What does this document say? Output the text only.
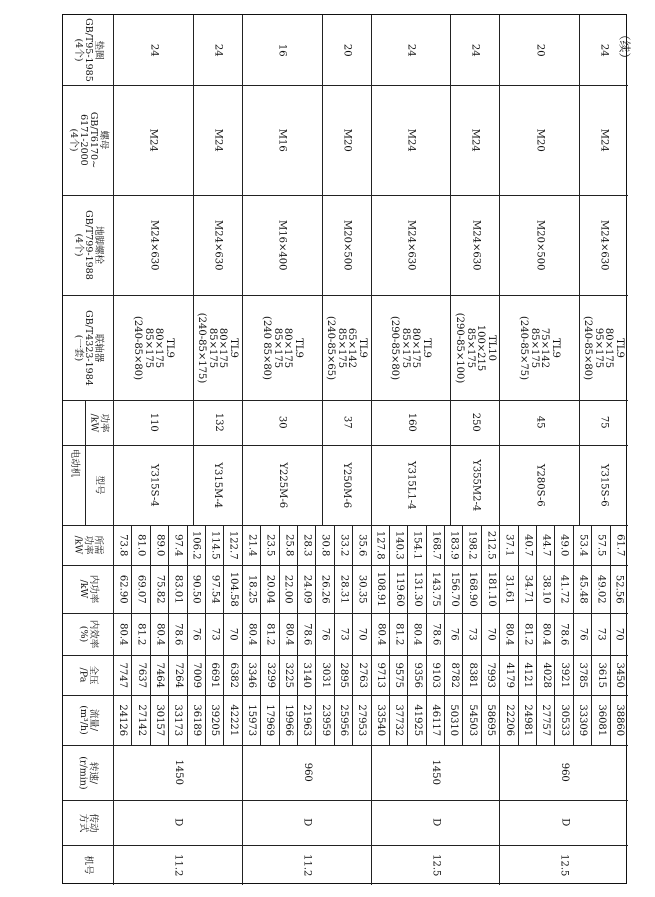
（续）
垫圈
GB/T95-1985
(4个)
螺母
GB/T6170~
6171-2000
(4个)
地脚螺栓
GB/T799-1988
(4个)
联轴器
GB/T4323-1984
(一套)
功率
/kW
型号
所需
功率
/kW
内功率
/kW
内效率
(%)
全压
/Pa
流量/
(m³/h)
转速/
(r/min)
传动
方式
机号
电动机
24
M24
M24×630
110
Y315S-4
TL9
80×175
85×175
(240-85×80)
24
M24
M24×630
132
Y315M-4
TL9
80×175
85×175
(240-85×175)
24126
7747
80.4
62.90
73.8
27142
7637
81.2
69.07
81.0
30157
7464
80.4
75.82
89.0
33173
7264
78.6
83.01
97.4
36189
7009
76
90.50
106.2
39205
6691
73
97.54
114.5
42221
6382
70
104.58
122.7
11.2
D
1450
16
M16
M16×400
30
Y225M-6
TL9
80×175
85×175
(240 85×80)
20
M20
M20×500
37
Y250M-6
TL9
65×142
85×175
(240-85×65)
15973
3346
80.4
18.25
21.4
17969
3299
81.2
20.04
23.5
19966
3225
80.4
22.00
25.8
21963
3140
78.6
24.09
28.3
23959
3031
76
26.26
30.8
25956
2895
73
28.31
33.2
27953
2763
70
30.35
35.6
11.2
D
960
24
M24
M24×630
160
Y315L1-4
TL9
80×175
85×175
(290-85×80)
24
M24
M24×630
250
Y355M2-4
TL10
100×215
85×175
(290-85×100)
33540
9713
80.4
108.91
127.8
37732
9575
81.2
119.60
140.3
41925
9356
80.4
131.30
154.1
46117
9103
78.6
143.75
168.7
50310
8782
76
156.70
183.9
54503
8381
73
168.90
198.2
58695
7993
70
181.10
212.5
12.5
D
1450
20
M20
M20×500
45
Y280S-6
TL9
75×142
85×175
(240-85×75)
24
M24
M24×630
75
Y315S-6
TL9
80×175
95×175
(240-85×80)
22206
4179
80.4
31.61
37.1
24981
4121
81.2
34.71
40.7
27757
4028
80.4
38.10
44.7
30533
3921
78.6
41.72
49.0
33309
3785
76
45.48
53.4
36081
3615
73
49.02
57.5
38860
3450
70
52.56
61.7
12.5
D
960
